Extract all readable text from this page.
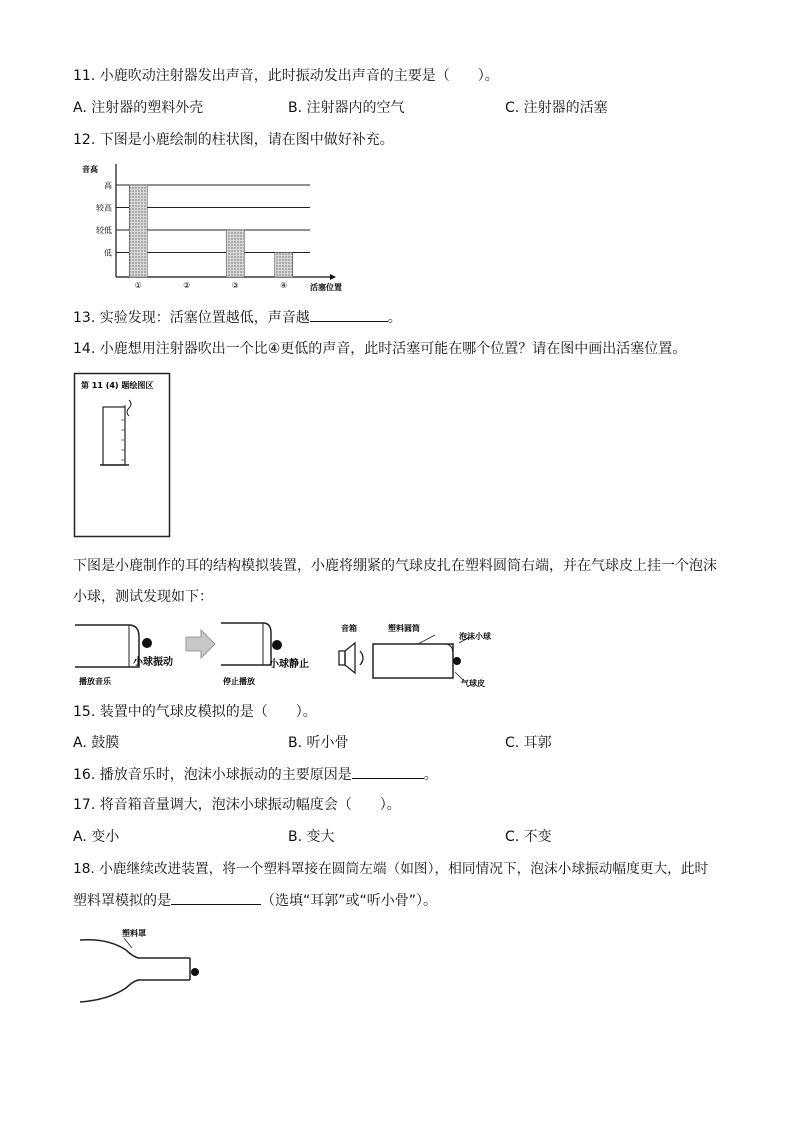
11. 小鹿吹动注射器发出声音，此时振动发出声音的主要是（　　）。
A. 注射器的塑料外壳	B. 注射器内的空气	C. 注射器的活塞
12. 下图是小鹿绘制的柱状图，请在图中做好补充。
低
较低
较高
高
①	②	③	④
音高
活塞位置
13. 实验发现：活塞位置越低，声音越	。
14. 小鹿想用注射器吹出一个比④更低的声音，此时活塞可能在哪个位置？请在图中画出活塞位置。
第 11 (4) 题绘图区
下图是小鹿制作的耳的结构模拟装置，小鹿将绷紧的气球皮扎在塑料圆筒右端，并在气球皮上挂一个泡沫
小球，测试发现如下：
小球振动
播放音乐
小球静止
停止播放
音箱	塑料圆筒
泡沫小球
气球皮
15. 装置中的气球皮模拟的是（　　）。
A. 鼓膜	B. 听小骨	C. 耳郭
16. 播放音乐时，泡沫小球振动的主要原因是	。
17. 将音箱音量调大，泡沫小球振动幅度会（　　）。
A. 变小	B. 变大	C. 不变
18. 小鹿继续改进装置，将一个塑料罩接在圆筒左端（如图），相同情况下，泡沫小球振动幅度更大，此时
塑料罩模拟的是	（选填“耳郭”或“听小骨”）。
塑料罩
